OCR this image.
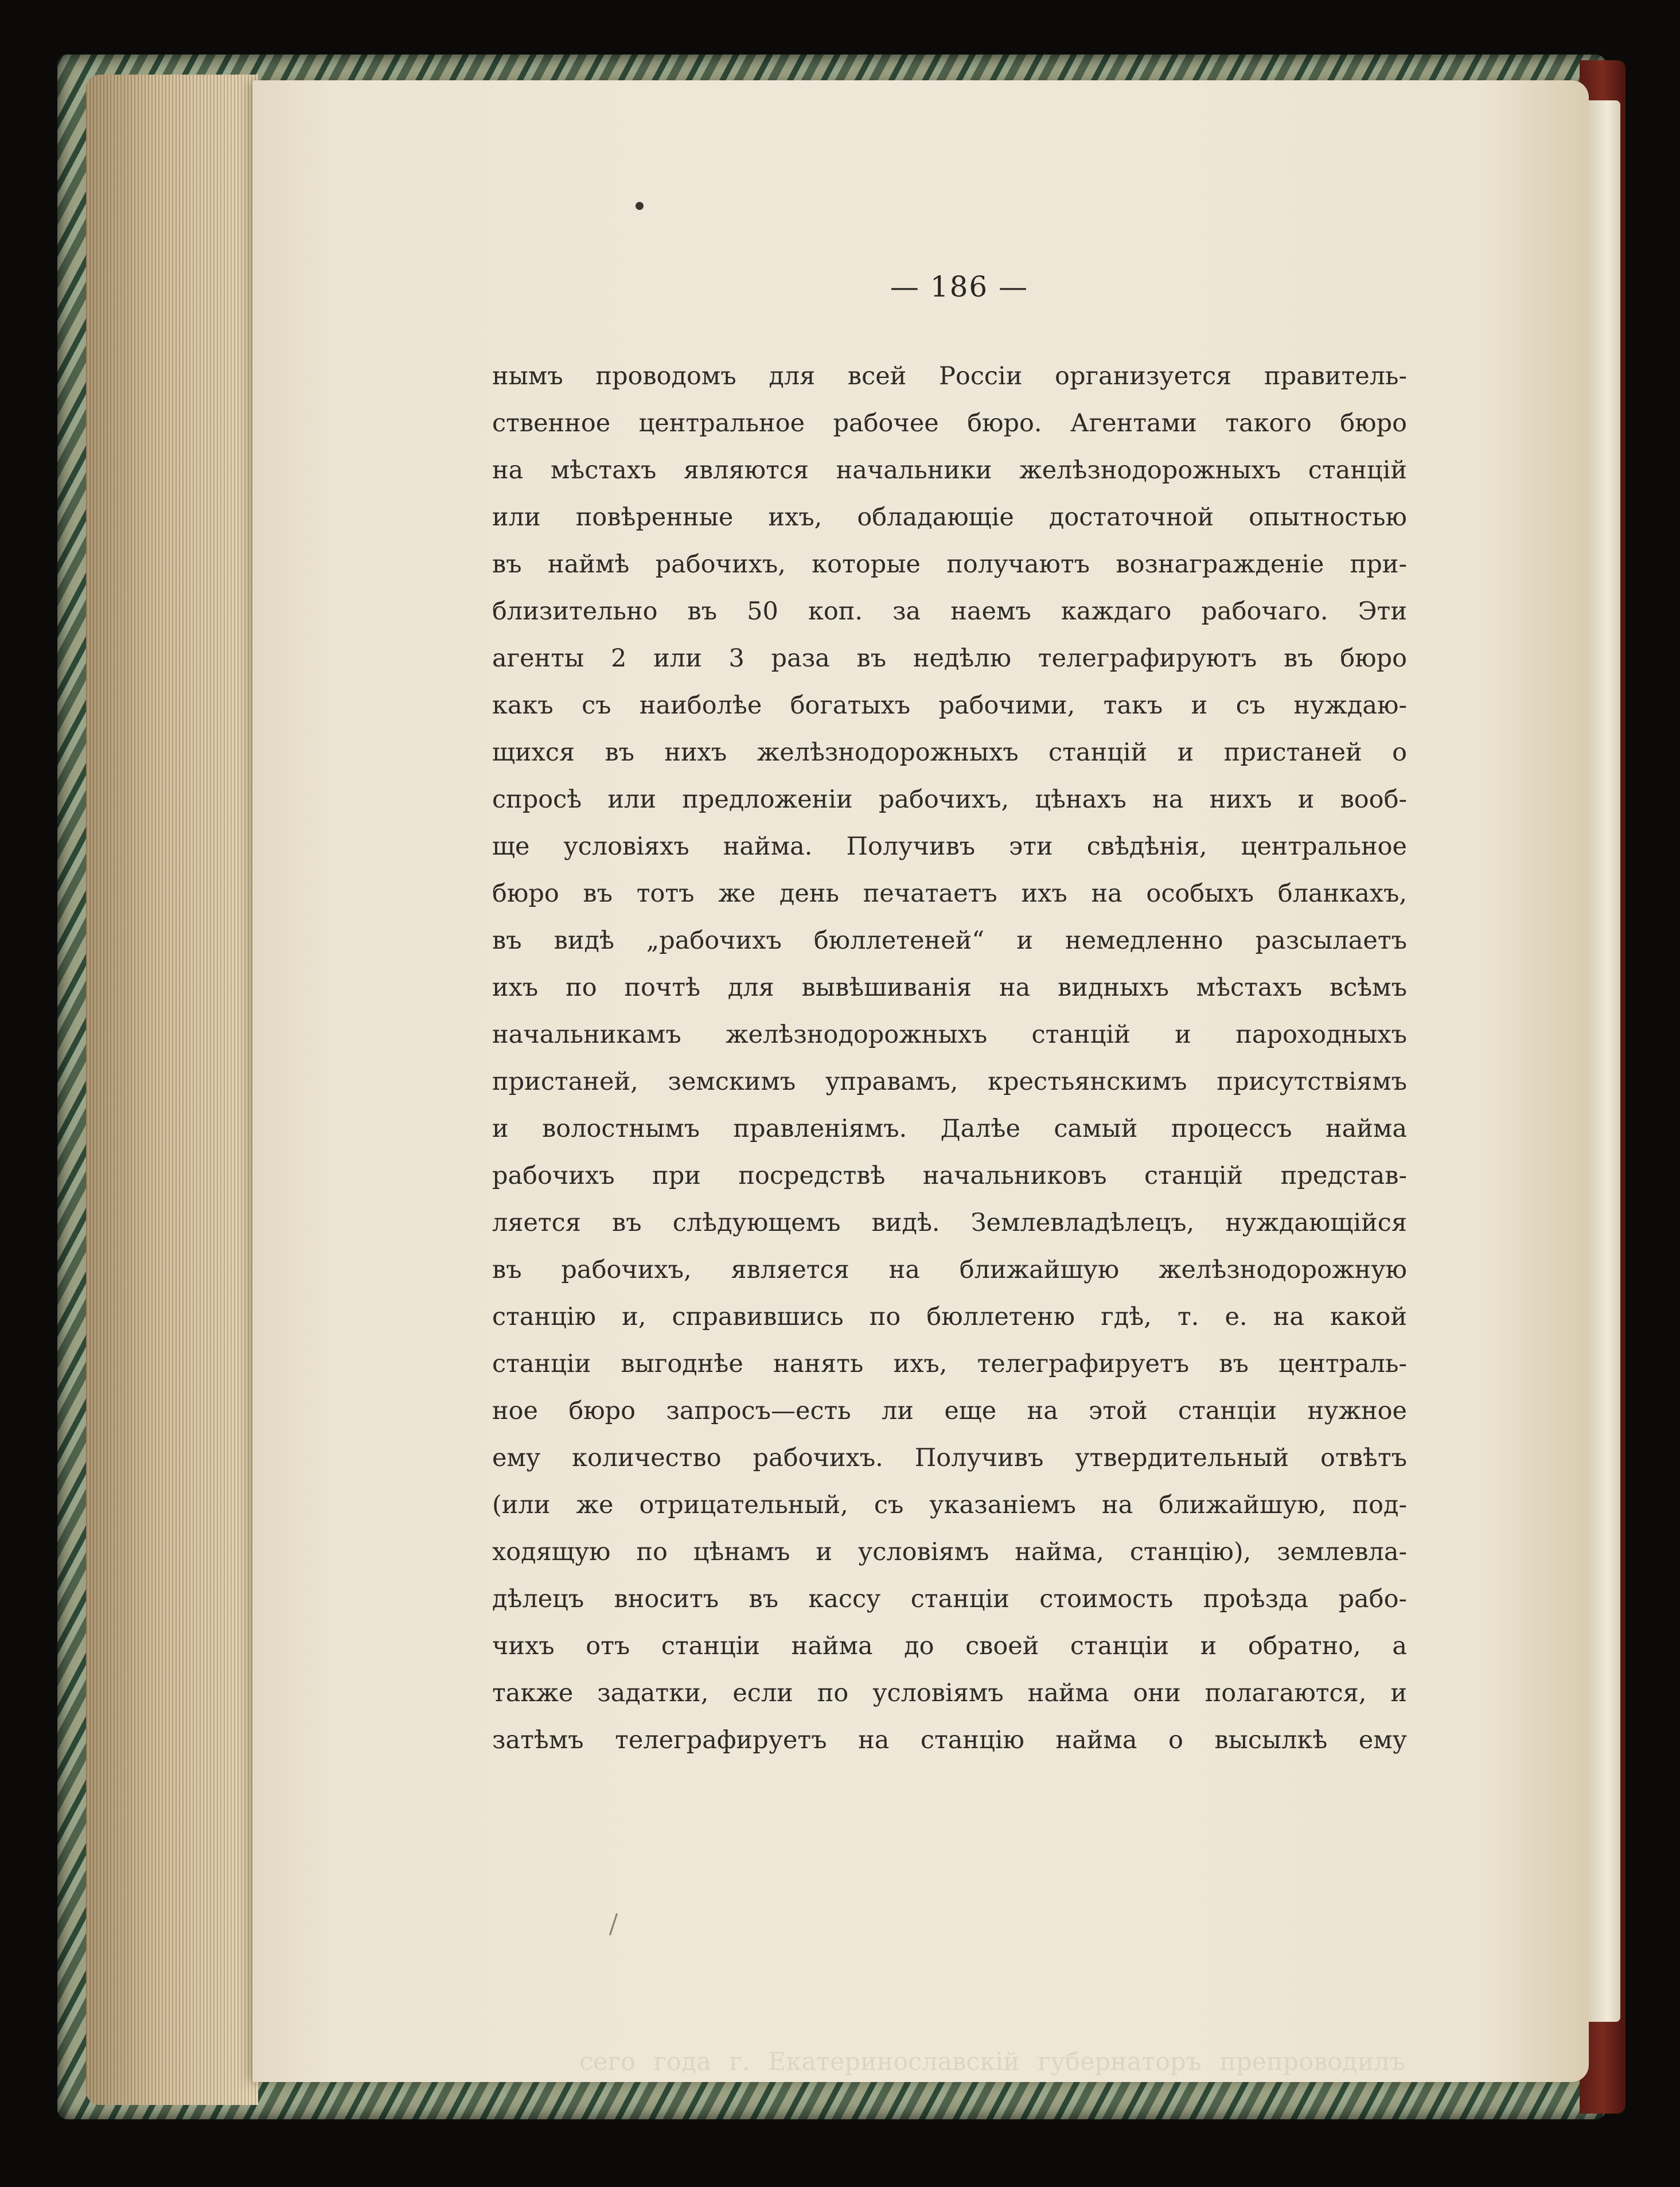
— 186 —
нымъ проводомъ для всей Россіи организуется правитель-
ственное центральное рабочее бюро. Агентами такого бюро
на мѣстахъ являются начальники желѣзнодорожныхъ станцій
или повѣренные ихъ, обладающіе достаточной опытностью
въ наймѣ рабочихъ, которые получаютъ вознагражденіе при-
близительно въ 50 коп. за наемъ каждаго рабочаго. Эти
агенты 2 или 3 раза въ недѣлю телеграфируютъ въ бюро
какъ съ наиболѣе богатыхъ рабочими, такъ и съ нуждаю-
щихся въ нихъ желѣзнодорожныхъ станцій и пристаней о
спросѣ или предложеніи рабочихъ, цѣнахъ на нихъ и вооб-
ще условіяхъ найма. Получивъ эти свѣдѣнія, центральное
бюро въ тотъ же день печатаетъ ихъ на особыхъ бланкахъ,
въ видѣ „рабочихъ бюллетеней“ и немедленно разсылаетъ
ихъ по почтѣ для вывѣшиванія на видныхъ мѣстахъ всѣмъ
начальникамъ желѣзнодорожныхъ станцій и пароходныхъ
пристаней, земскимъ управамъ, крестьянскимъ присутствіямъ
и волостнымъ правленіямъ. Далѣе самый процессъ найма
рабочихъ при посредствѣ начальниковъ станцій представ-
ляется въ слѣдующемъ видѣ. Землевладѣлецъ, нуждающійся
въ рабочихъ, является на ближайшую желѣзнодорожную
станцію и, справившись по бюллетеню гдѣ, т. е. на какой
станціи выгоднѣе нанять ихъ, телеграфируетъ въ централь-
ное бюро запросъ—есть ли еще на этой станціи нужное
ему количество рабочихъ. Получивъ утвердительный отвѣтъ
(или же отрицательный, съ указаніемъ на ближайшую, под-
ходящую по цѣнамъ и условіямъ найма, станцію), землевла-
дѣлецъ вноситъ въ кассу станціи стоимость проѣзда рабо-
чихъ отъ станціи найма до своей станціи и обратно, а
также задатки, если по условіямъ найма они полагаются, и
затѣмъ телеграфируетъ на станцію найма о высылкѣ ему
сего года г. Екатеринославскій губернаторъ препроводилъ
